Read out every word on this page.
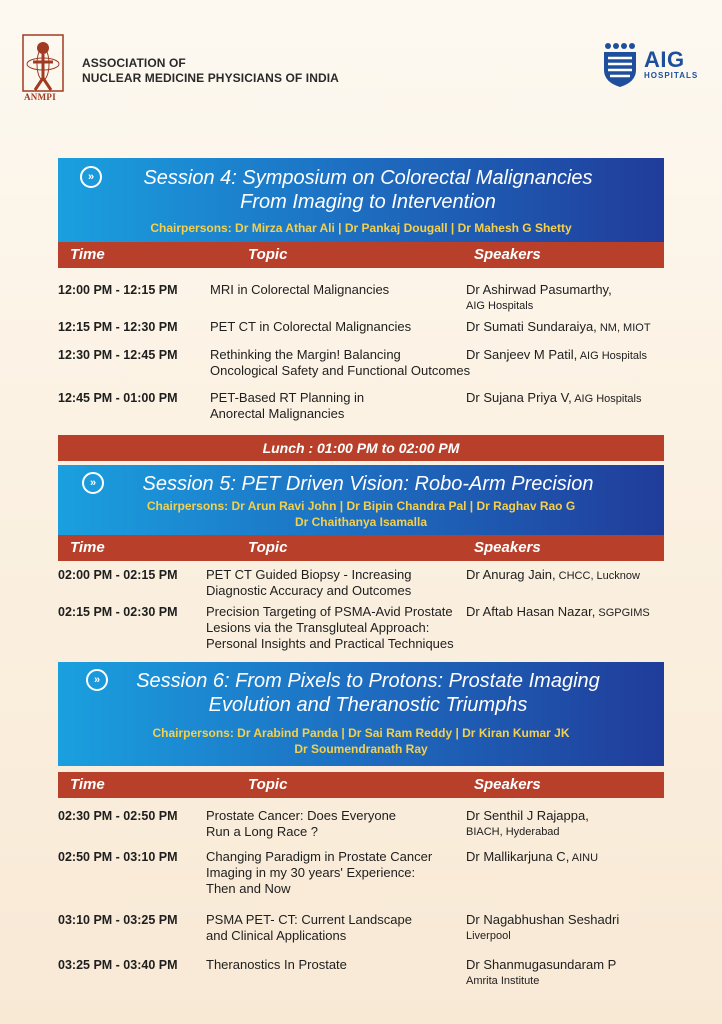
ANMPI
ASSOCIATION OF
NUCLEAR MEDICINE PHYSICIANS OF INDIA
AIG
HOSPITALS
»	Session 4: Symposium on Colorectal Malignancies
From Imaging to Intervention
Chairpersons: Dr Mirza Athar Ali | Dr Pankaj Dougall | Dr Mahesh G Shetty
Time	Topic	Speakers
12:00 PM - 12:15 PM	MRI in Colorectal Malignancies	Dr Ashirwad Pasumarthy,
AIG Hospitals
12:15 PM - 12:30 PM	PET CT in Colorectal Malignancies	Dr Sumati Sundaraiya, NM, MIOT
12:30 PM - 12:45 PM	Rethinking the Margin! Balancing
Oncological Safety and Functional Outcomes
Dr Sanjeev M Patil, AIG Hospitals
12:45 PM - 01:00 PM	PET-Based RT Planning in
Anorectal Malignancies
Dr Sujana Priya V, AIG Hospitals
Lunch : 01:00 PM to 02:00 PM
»	Session 5: PET Driven Vision: Robo-Arm Precision
Chairpersons: Dr Arun Ravi John | Dr Bipin Chandra Pal | Dr Raghav Rao G
Dr Chaithanya Isamalla
Time	Topic	Speakers
02:00 PM - 02:15 PM PET CT Guided Biopsy - Increasing
Diagnostic Accuracy and Outcomes
Dr Anurag Jain, CHCC, Lucknow
02:15 PM - 02:30 PM Precision Targeting of PSMA-Avid Prostate
Lesions via the Transgluteal Approach:
Personal Insights and Practical Techniques
Dr Aftab Hasan Nazar, SGPGIMS
»	Session 6: From Pixels to Protons: Prostate Imaging
Evolution and Theranostic Triumphs
Chairpersons: Dr Arabind Panda | Dr Sai Ram Reddy | Dr Kiran Kumar JK
Dr Soumendranath Ray
Time	Topic	Speakers
02:30 PM - 02:50 PM Prostate Cancer: Does Everyone
Run a Long Race ?
Dr Senthil J Rajappa,
BIACH, Hyderabad
02:50 PM - 03:10 PM Changing Paradigm in Prostate Cancer
Imaging in my 30 years' Experience:
Then and Now
Dr Mallikarjuna C, AINU
03:10 PM - 03:25 PM PSMA PET- CT: Current Landscape
and Clinical Applications
Dr Nagabhushan Seshadri
Liverpool
03:25 PM - 03:40 PM Theranostics In Prostate	Dr Shanmugasundaram P
Amrita Institute
